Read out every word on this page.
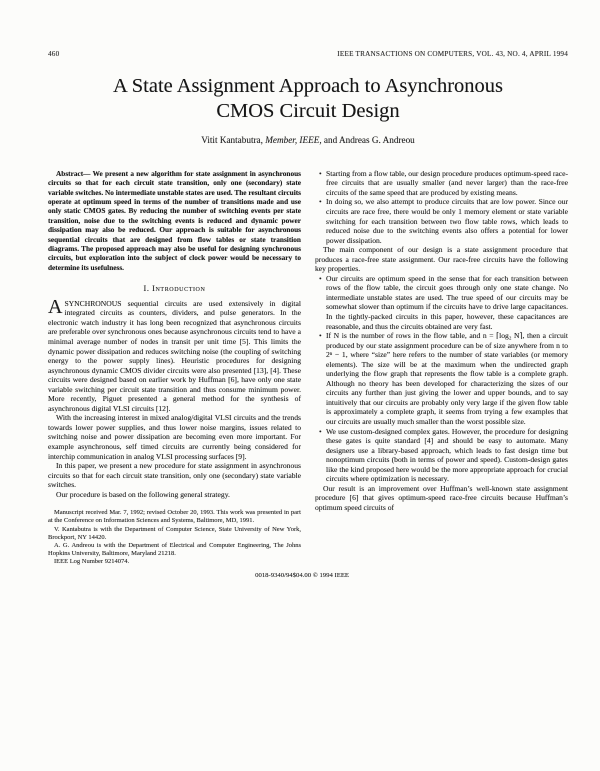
460	IEEE TRANSACTIONS ON COMPUTERS, VOL. 43, NO. 4, APRIL 1994
A State Assignment Approach to Asynchronous
CMOS Circuit Design
Vitit Kantabutra, Member, IEEE, and Andreas G. Andreou

Abstract— We present a new algorithm for state assignment in asynchronous circuits so that for each circuit state transition, only one (secondary) state variable switches. No intermediate unstable states are used. The resultant circuits operate at optimum speed in terms of the number of transitions made and use only static CMOS gates. By reducing the number of switching events per state transition, noise due to the switching events is reduced and dynamic power dissipation may also be reduced. Our approach is suitable for asynchronous sequential circuits that are designed from flow tables or state transition diagrams. The proposed approach may also be useful for designing synchronous circuits, but exploration into the subject of clock power would be necessary to determine its usefulness.

I. Introduction

ASYNCHRONOUS sequential circuits are used extensively in digital integrated circuits as counters, dividers, and pulse generators. In the electronic watch industry it has long been recognized that asynchronous circuits are preferable over synchronous ones because asynchronous circuits tend to have a minimal average number of nodes in transit per unit time [5]. This limits the dynamic power dissipation and reduces switching noise (the coupling of switching energy to the power supply lines). Heuristic procedures for designing asynchronous dynamic CMOS divider circuits were also presented [13], [4]. These circuits were designed based on earlier work by Huffman [6], have only one state variable switching per circuit state transition and thus consume minimum power. More recently, Piguet presented a general method for the synthesis of asynchronous digital VLSI circuits [12].

With the increasing interest in mixed analog/digital VLSI circuits and the trends towards lower power supplies, and thus lower noise margins, issues related to switching noise and power dissipation are becoming even more important. For example asynchronous, self timed circuits are currently being considered for interchip communication in analog VLSI processing surfaces [9].

In this paper, we present a new procedure for state assignment in asynchronous circuits so that for each circuit state transition, only one (secondary) state variable switches.

Our procedure is based on the following general strategy.

Manuscript received Mar. 7, 1992; revised October 20, 1993. This work was presented in part at the Conference on Information Sciences and Systems, Baltimore, MD, 1991.

V. Kantabutra is with the Department of Computer Science, State University of New York, Brockport, NY 14420.

A. G. Andreou is with the Department of Electrical and Computer Engineering, The Johns Hopkins University, Baltimore, Maryland 21218.

IEEE Log Number 9214074.

0018-9340/94$04.00 © 1994 IEEE
• Starting from a flow table, our design procedure produces optimum-speed race-free circuits that are usually smaller (and never larger) than the race-free circuits of the same speed that are produced by existing means.
• In doing so, we also attempt to produce circuits that are low power. Since our circuits are race free, there would be only 1 memory element or state variable switching for each transition between two flow table rows, which leads to reduced noise due to the switching events also offers a potential for lower power dissipation.

The main component of our design is a state assignment procedure that produces a race-free state assignment. Our race-free circuits have the following key properties.

• Our circuits are optimum speed in the sense that for each transition between rows of the flow table, the circuit goes through only one state change. No intermediate unstable states are used. The true speed of our circuits may be somewhat slower than optimum if the circuits have to drive large capacitances. In the tightly-packed circuits in this paper, however, these capacitances are reasonable, and thus the circuits obtained are very fast.
• If N is the number of rows in the flow table, and n = ⌈log₂ N⌉, then a circuit produced by our state assignment procedure can be of size anywhere from n to 2ⁿ − 1, where “size” here refers to the number of state variables (or memory elements). The size will be at the maximum when the undirected graph underlying the flow graph that represents the flow table is a complete graph. Although no theory has been developed for characterizing the sizes of our circuits any further than just giving the lower and upper bounds, and to say intuitively that our circuits are probably only very large if the given flow table is approximately a complete graph, it seems from trying a few examples that our circuits are usually much smaller than the worst possible size.
• We use custom-designed complex gates. However, the procedure for designing these gates is quite standard [4] and should be easy to automate. Many designers use a library-based approach, which leads to fast design time but nonoptimum circuits (both in terms of power and speed). Custom-design gates like the kind proposed here would be the more appropriate approach for crucial circuits where optimization is necessary.

Our result is an improvement over Huffman’s well-known state assignment procedure [6] that gives optimum-speed race-free circuits because Huffman’s optimum speed circuits of
